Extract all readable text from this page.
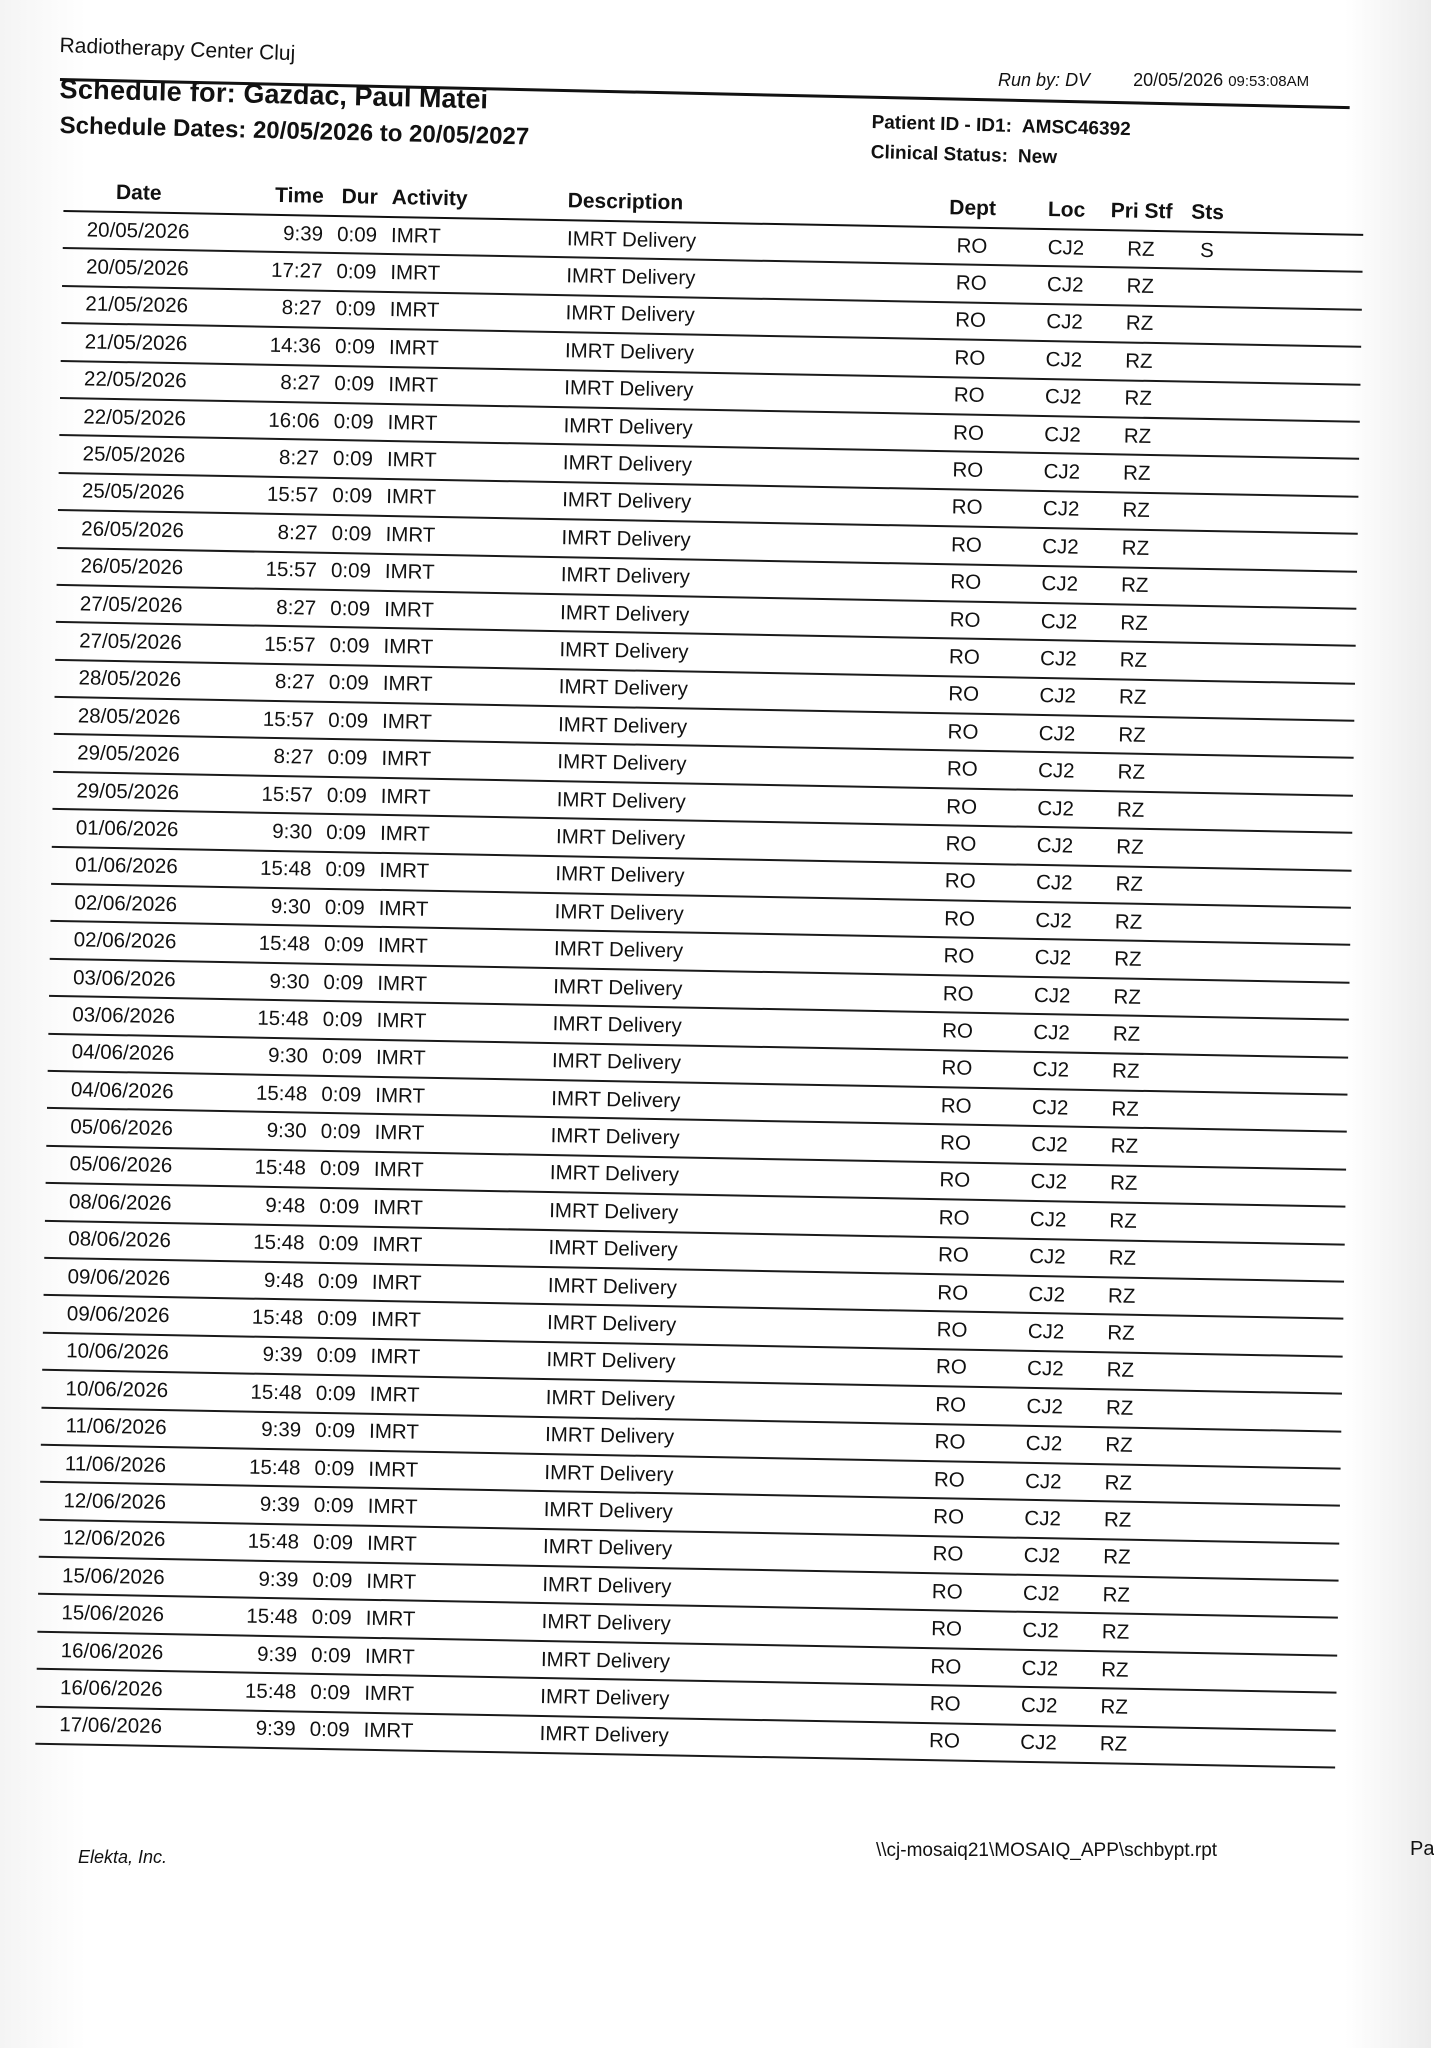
Radiotherapy Center Cluj
Run by: DV 20/05/2026 09:53:08AM
Schedule for: Gazdac, Paul Matei
Schedule Dates: 20/05/2026 to 20/05/2027	Patient ID - ID1: AMSC46392
Clinical Status: New
Date	Time Dur Activity	Description	Dept	Loc	Pri Stf Sts
20/05/2026	9:39 0:09 IMRT	IMRT Delivery	RO	CJ2	RZ	S
20/05/2026	17:27 0:09 IMRT	IMRT Delivery	RO	CJ2	RZ
21/05/2026	8:27 0:09 IMRT	IMRT Delivery	RO	CJ2	RZ
21/05/2026	14:36 0:09 IMRT	IMRT Delivery	RO	CJ2	RZ
22/05/2026	8:27 0:09 IMRT	IMRT Delivery	RO	CJ2	RZ
22/05/2026	16:06 0:09 IMRT	IMRT Delivery	RO	CJ2	RZ
25/05/2026	8:27 0:09 IMRT	IMRT Delivery	RO	CJ2	RZ
25/05/2026	15:57 0:09 IMRT	IMRT Delivery	RO	CJ2	RZ
26/05/2026	8:27 0:09 IMRT	IMRT Delivery	RO	CJ2	RZ
26/05/2026	15:57 0:09 IMRT	IMRT Delivery	RO	CJ2	RZ
27/05/2026	8:27 0:09 IMRT	IMRT Delivery	RO	CJ2	RZ
27/05/2026	15:57 0:09 IMRT	IMRT Delivery	RO	CJ2	RZ
28/05/2026	8:27 0:09 IMRT	IMRT Delivery	RO	CJ2	RZ
28/05/2026	15:57 0:09 IMRT	IMRT Delivery	RO	CJ2	RZ
29/05/2026	8:27 0:09 IMRT	IMRT Delivery	RO	CJ2	RZ
29/05/2026	15:57 0:09 IMRT	IMRT Delivery	RO	CJ2	RZ
01/06/2026	9:30 0:09 IMRT	IMRT Delivery	RO	CJ2	RZ
01/06/2026	15:48 0:09 IMRT	IMRT Delivery	RO	CJ2	RZ
02/06/2026	9:30 0:09 IMRT	IMRT Delivery	RO	CJ2	RZ
02/06/2026	15:48 0:09 IMRT	IMRT Delivery	RO	CJ2	RZ
03/06/2026	9:30 0:09 IMRT	IMRT Delivery	RO	CJ2	RZ
03/06/2026	15:48 0:09 IMRT	IMRT Delivery	RO	CJ2	RZ
04/06/2026	9:30 0:09 IMRT	IMRT Delivery	RO	CJ2	RZ
04/06/2026	15:48 0:09 IMRT	IMRT Delivery	RO	CJ2	RZ
05/06/2026	9:30 0:09 IMRT	IMRT Delivery	RO	CJ2	RZ
05/06/2026	15:48 0:09 IMRT	IMRT Delivery	RO	CJ2	RZ
08/06/2026	9:48 0:09 IMRT	IMRT Delivery	RO	CJ2	RZ
08/06/2026	15:48 0:09 IMRT	IMRT Delivery	RO	CJ2	RZ
09/06/2026	9:48 0:09 IMRT	IMRT Delivery	RO	CJ2	RZ
09/06/2026	15:48 0:09 IMRT	IMRT Delivery	RO	CJ2	RZ
10/06/2026	9:39 0:09 IMRT	IMRT Delivery	RO	CJ2	RZ
10/06/2026	15:48 0:09 IMRT	IMRT Delivery	RO	CJ2	RZ
11/06/2026	9:39 0:09 IMRT	IMRT Delivery	RO	CJ2	RZ
11/06/2026	15:48 0:09 IMRT	IMRT Delivery	RO	CJ2	RZ
12/06/2026	9:39 0:09 IMRT	IMRT Delivery	RO	CJ2	RZ
12/06/2026	15:48 0:09 IMRT	IMRT Delivery	RO	CJ2	RZ
15/06/2026	9:39 0:09 IMRT	IMRT Delivery	RO	CJ2	RZ
15/06/2026	15:48 0:09 IMRT	IMRT Delivery	RO	CJ2	RZ
16/06/2026	9:39 0:09 IMRT	IMRT Delivery	RO	CJ2	RZ
16/06/2026	15:48 0:09 IMRT	IMRT Delivery	RO	CJ2	RZ
17/06/2026	9:39 0:09 IMRT	IMRT Delivery	RO	CJ2	RZ
Elekta, Inc.	\\cj-mosaiq21\MOSAIQ_APP\schbypt.rpt	Pa
